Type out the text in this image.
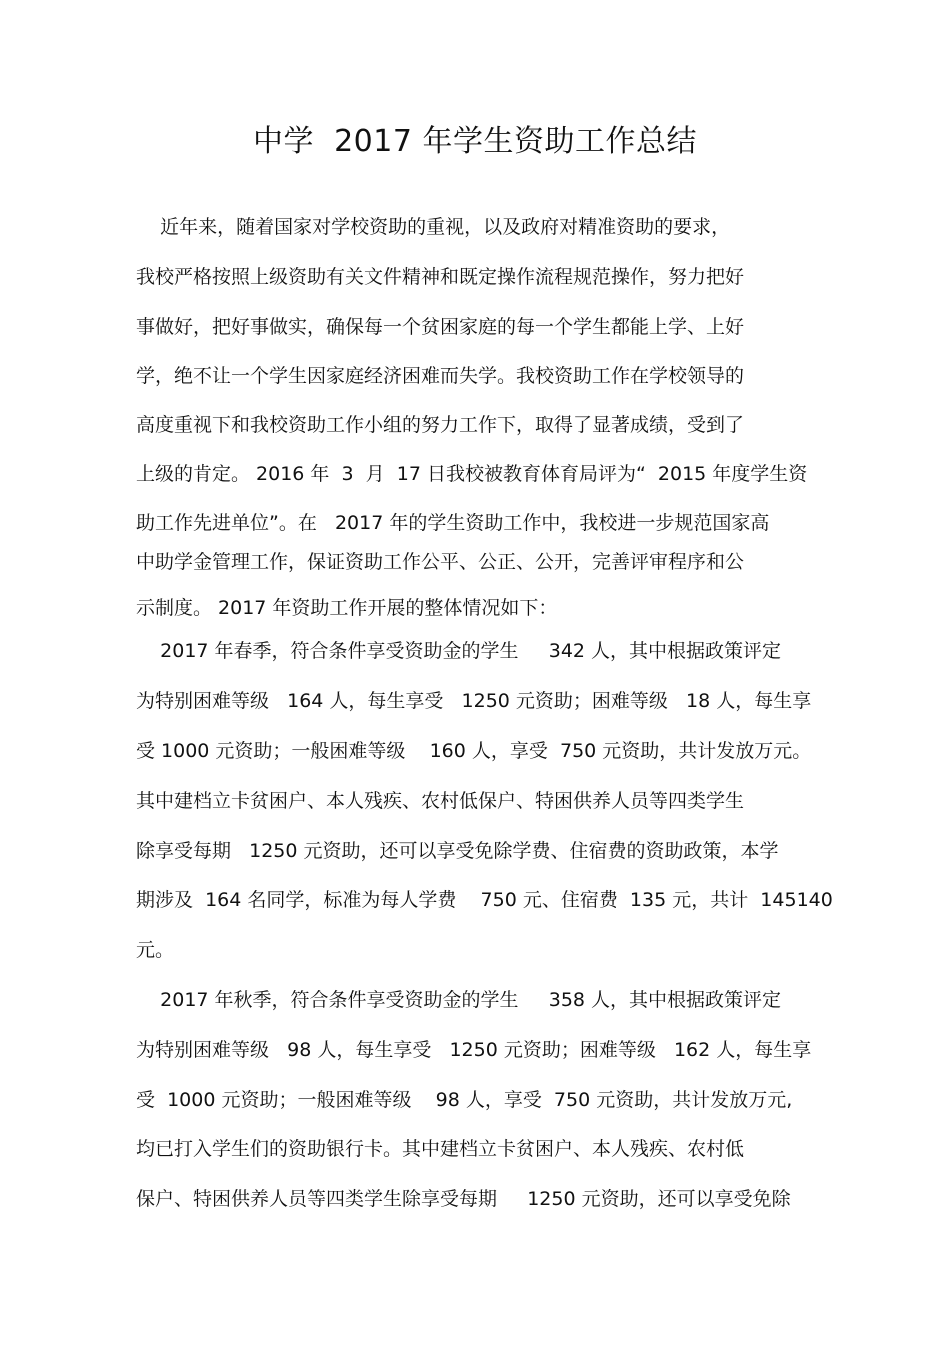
中学  2017 年学生资助工作总结
近年来，随着国家对学校资助的重视，以及政府对精准资助的要求，
我校严格按照上级资助有关文件精神和既定操作流程规范操作，努力把好
事做好，把好事做实，确保每一个贫困家庭的每一个学生都能上学、上好
学，绝不让一个学生因家庭经济困难而失学。我校资助工作在学校领导的
高度重视下和我校资助工作小组的努力工作下，取得了显著成绩，受到了
上级的肯定。 2016 年  3  月  17 日我校被教育体育局评为“  2015 年度学生资
助工作先进单位”。在   2017 年的学生资助工作中，我校进一步规范国家高
中助学金管理工作，保证资助工作公平、公正、公开，完善评审程序和公
示制度。 2017 年资助工作开展的整体情况如下：
2017 年春季，符合条件享受资助金的学生     342 人，其中根据政策评定
为特别困难等级   164 人，每生享受   1250 元资助；困难等级   18 人，每生享
受 1000 元资助；一般困难等级    160 人，享受  750 元资助，共计发放万元。
其中建档立卡贫困户、本人残疾、农村低保户、特困供养人员等四类学生
除享受每期   1250 元资助，还可以享受免除学费、住宿费的资助政策，本学
期涉及  164 名同学，标准为每人学费    750 元、住宿费  135 元，共计  145140
元。
2017 年秋季，符合条件享受资助金的学生     358 人，其中根据政策评定
为特别困难等级   98 人，每生享受   1250 元资助；困难等级   162 人，每生享
受  1000 元资助；一般困难等级    98 人，享受  750 元资助，共计发放万元,
均已打入学生们的资助银行卡。其中建档立卡贫困户、本人残疾、农村低
保户、特困供养人员等四类学生除享受每期     1250 元资助，还可以享受免除
